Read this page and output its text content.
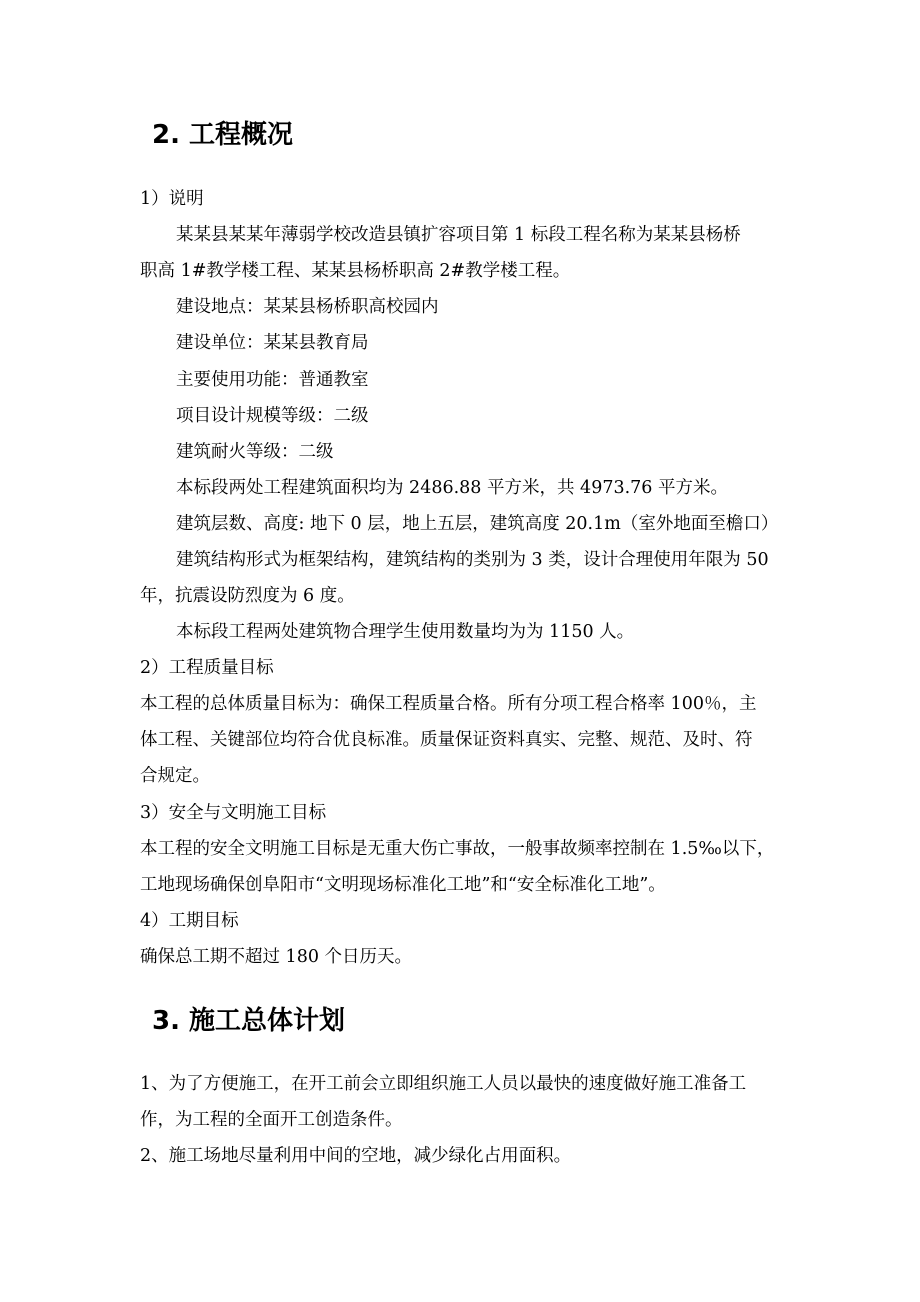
2. 工程概况
1）说明
某某县某某年薄弱学校改造县镇扩容项目第 1 标段工程名称为某某县杨桥
职高 1#教学楼工程、某某县杨桥职高 2#教学楼工程。
建设地点：某某县杨桥职高校园内
建设单位：某某县教育局
主要使用功能：普通教室
项目设计规模等级：二级
建筑耐火等级：二级
本标段两处工程建筑面积均为 2486.88 平方米，共 4973.76 平方米。
建筑层数、高度: 地下 0 层，地上五层，建筑高度 20.1m（室外地面至檐口）
建筑结构形式为框架结构，建筑结构的类别为 3 类，设计合理使用年限为 50
年，抗震设防烈度为 6 度。
本标段工程两处建筑物合理学生使用数量均为为 1150 人。
2）工程质量目标
本工程的总体质量目标为：确保工程质量合格。所有分项工程合格率 100％，主
体工程、关键部位均符合优良标准。质量保证资料真实、完整、规范、及时、符
合规定。
3）安全与文明施工目标
本工程的安全文明施工目标是无重大伤亡事故，一般事故频率控制在 1.5‰以下，
工地现场确保创阜阳市“文明现场标准化工地”和“安全标准化工地”。
4）工期目标
确保总工期不超过 180 个日历天。
3. 施工总体计划
1、为了方便施工，在开工前会立即组织施工人员以最快的速度做好施工准备工
作，为工程的全面开工创造条件。
2、施工场地尽量利用中间的空地，减少绿化占用面积。
